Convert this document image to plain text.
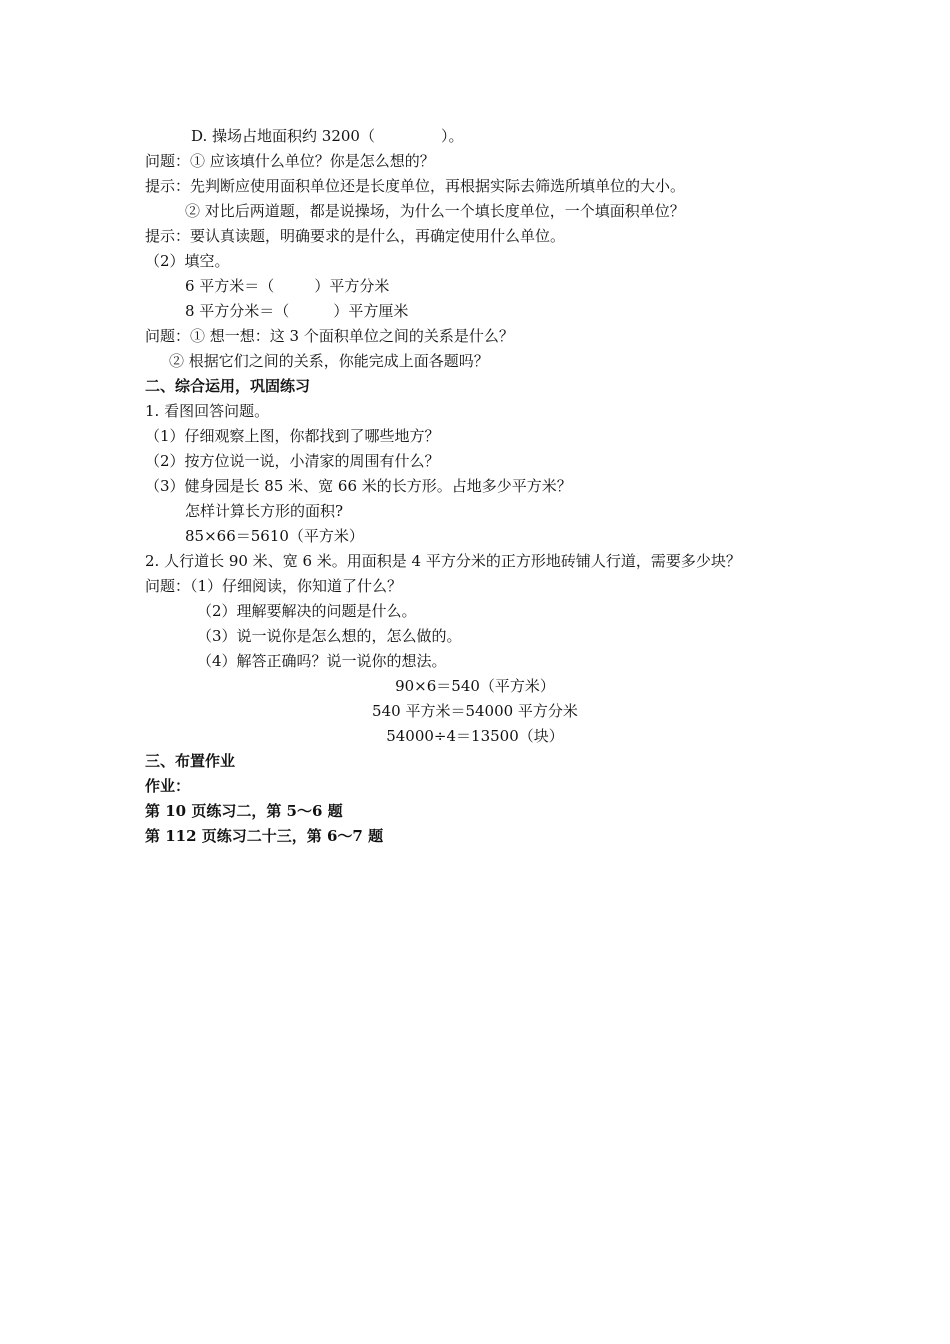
D. 操场占地面积约 3200（	）。
问题：① 应该填什么单位？你是怎么想的？
提示：先判断应使用面积单位还是长度单位，再根据实际去筛选所填单位的大小。
② 对比后两道题，都是说操场，为什么一个填长度单位，一个填面积单位？
提示：要认真读题，明确要求的是什么，再确定使用什么单位。
（2）填空。
6 平方米＝（	）平方分米
8 平方分米＝（	）平方厘米
问题：① 想一想：这 3 个面积单位之间的关系是什么？
② 根据它们之间的关系，你能完成上面各题吗？
二、综合运用，巩固练习
1. 看图回答问题。
（1）仔细观察上图，你都找到了哪些地方？
（2）按方位说一说，小清家的周围有什么？
（3）健身园是长 85 米、宽 66 米的长方形。占地多少平方米？
怎样计算长方形的面积?
85×66＝5610（平方米）
2. 人行道长 90 米、宽 6 米。用面积是 4 平方分米的正方形地砖铺人行道，需要多少块？
问题：（1）仔细阅读，你知道了什么？
（2）理解要解决的问题是什么。
（3）说一说你是怎么想的，怎么做的。
（4）解答正确吗？说一说你的想法。
90×6＝540（平方米）
540 平方米＝54000 平方分米
54000÷4＝13500（块）
三、布置作业
作业：
第 10 页练习二，第 5～6 题
第 112 页练习二十三，第 6～7 题
